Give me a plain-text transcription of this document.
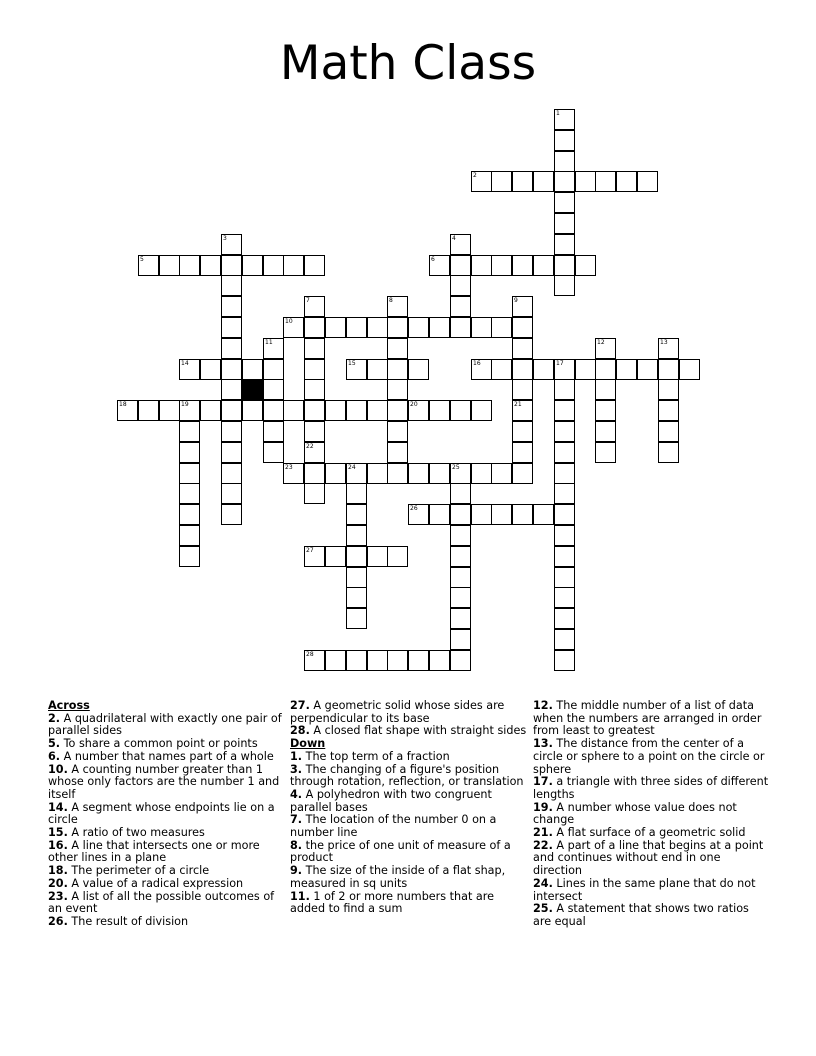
Math Class
1
2
3	4
5	6
7
22
8	9
21
10
11	12	13
14	15	16	17
18	19	20
23	24	25
26
27
28
Across
2. A quadrilateral with exactly one pair of parallel sides
5. To share a common point or points
6. A number that names part of a whole
10. A counting number greater than 1 whose only factors are the number 1 and itself
14. A segment whose endpoints lie on a circle
15. A ratio of two measures
16. A line that intersects one or more other lines in a plane
18. The perimeter of a circle
20. A value of a radical expression
23. A list of all the possible outcomes of an event
26. The result of division
27. A geometric solid whose sides are perpendicular to its base
28. A closed flat shape with straight sides
Down
1. The top term of a fraction
3. The changing of a figure's position through rotation, reflection, or translation
4. A polyhedron with two congruent parallel bases
7. The location of the number 0 on a number line
8. the price of one unit of measure of a product
9. The size of the inside of a flat shap, measured in sq units
11. 1 of 2 or more numbers that are added to find a sum
12. The middle number of a list of data when the numbers are arranged in order from least to greatest
13. The distance from the center of a circle or sphere to a point on the circle or sphere
17. a triangle with three sides of different lengths
19. A number whose value does not change
21. A flat surface of a geometric solid
22. A part of a line that begins at a point and continues without end in one direction
24. Lines in the same plane that do not intersect
25. A statement that shows two ratios are equal
